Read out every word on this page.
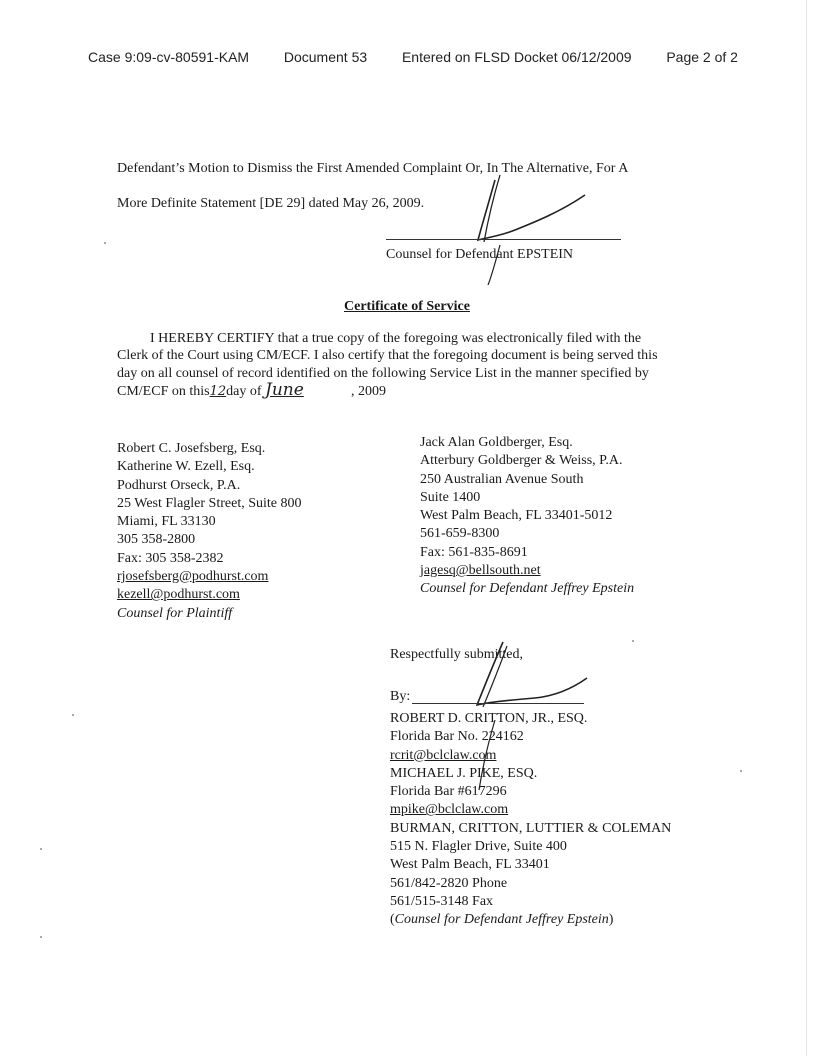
Case 9:09-cv-80591-KAM Document 53 Entered on FLSD Docket 06/12/2009 Page 2 of 2
Defendant’s Motion to Dismiss the First Amended Complaint Or, In The Alternative, For A
More Definite Statement [DE 29] dated May 26, 2009.
Counsel for Defendant EPSTEIN
Certificate of Service
I HEREBY CERTIFY that a true copy of the foregoing was electronically filed with the
Clerk of the Court using CM/ECF. I also certify that the foregoing document is being served this
day on all counsel of record identified on the following Service List in the manner specified by
CM/ECF on this12day of June	, 2009
Robert C. Josefsberg, Esq.
Katherine W. Ezell, Esq.
Podhurst Orseck, P.A.
25 West Flagler Street, Suite 800
Miami, FL 33130
305 358-2800
Fax: 305 358-2382
rjosefsberg@podhurst.com
kezell@podhurst.com
Counsel for Plaintiff
Jack Alan Goldberger, Esq.
Atterbury Goldberger & Weiss, P.A.
250 Australian Avenue South
Suite 1400
West Palm Beach, FL 33401-5012
561-659-8300
Fax: 561-835-8691
jagesq@bellsouth.net
Counsel for Defendant Jeffrey Epstein
Respectfully submitted,
By:
ROBERT D. CRITTON, JR., ESQ.
Florida Bar No. 224162
rcrit@bclclaw.com
MICHAEL J. PIKE, ESQ.
Florida Bar #617296
mpike@bclclaw.com
BURMAN, CRITTON, LUTTIER & COLEMAN
515 N. Flagler Drive, Suite 400
West Palm Beach, FL 33401
561/842-2820 Phone
561/515-3148 Fax
(Counsel for Defendant Jeffrey Epstein)
